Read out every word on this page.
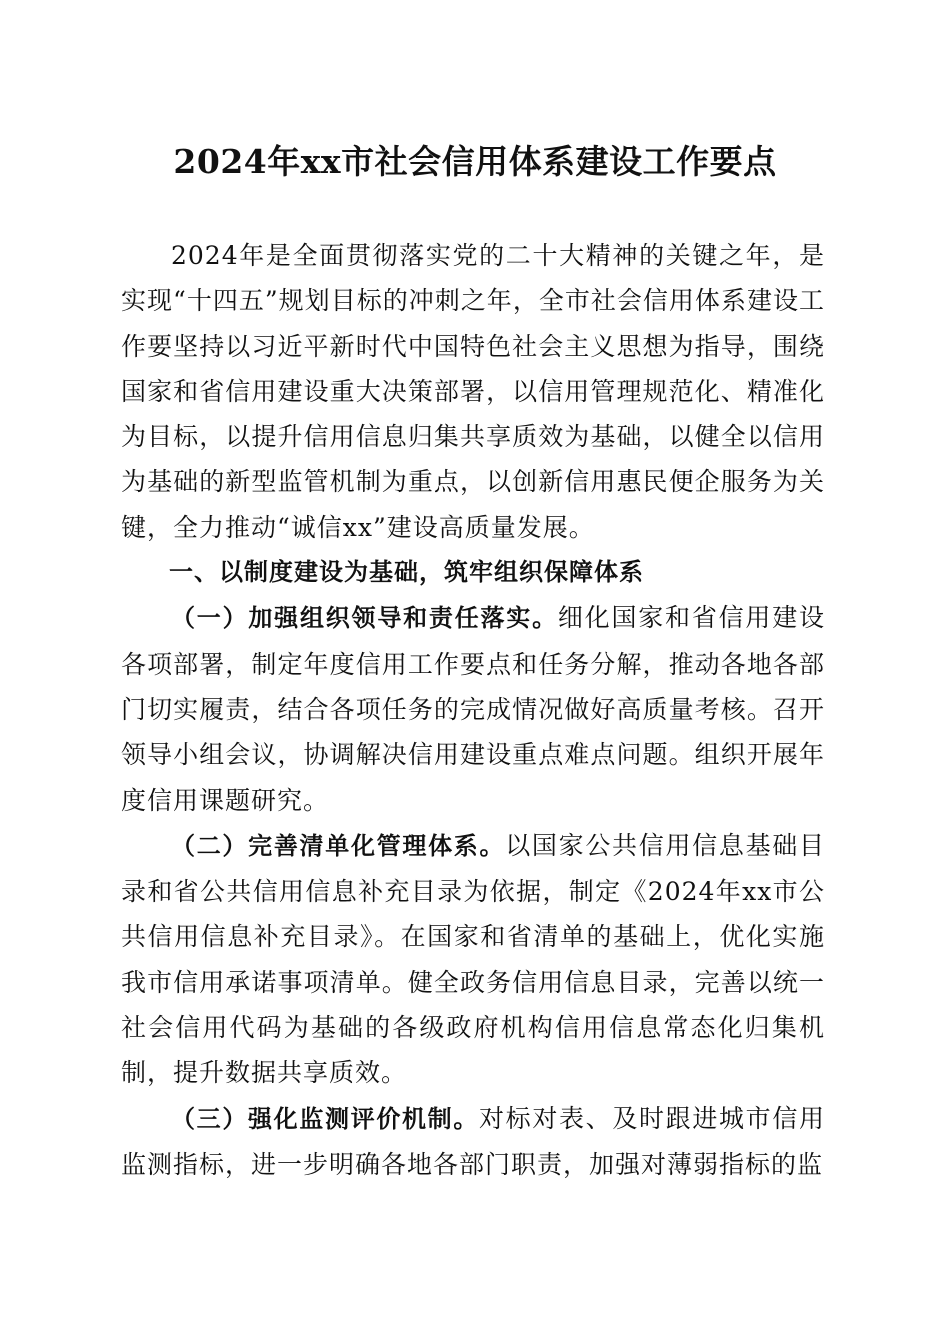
2024年xx市社会信用体系建设工作要点

2024年是全面贯彻落实党的二十大精神的关键之年，是实现“十四五”规划目标的冲刺之年，全市社会信用体系建设工作要坚持以习近平新时代中国特色社会主义思想为指导，围绕国家和省信用建设重大决策部署，以信用管理规范化、精准化为目标，以提升信用信息归集共享质效为基础，以健全以信用为基础的新型监管机制为重点，以创新信用惠民便企服务为关键，全力推动“诚信xx”建设高质量发展。

一、以制度建设为基础，筑牢组织保障体系

（一）加强组织领导和责任落实。细化国家和省信用建设各项部署，制定年度信用工作要点和任务分解，推动各地各部门切实履责，结合各项任务的完成情况做好高质量考核。召开领导小组会议，协调解决信用建设重点难点问题。组织开展年度信用课题研究。

（二）完善清单化管理体系。以国家公共信用信息基础目录和省公共信用信息补充目录为依据，制定《2024年xx市公共信用信息补充目录》。在国家和省清单的基础上，优化实施我市信用承诺事项清单。健全政务信用信息目录，完善以统一社会信用代码为基础的各级政府机构信用信息常态化归集机制，提升数据共享质效。

（三）强化监测评价机制。对标对表、及时跟进城市信用监测指标，进一步明确各地各部门职责，加强对薄弱指标的监
